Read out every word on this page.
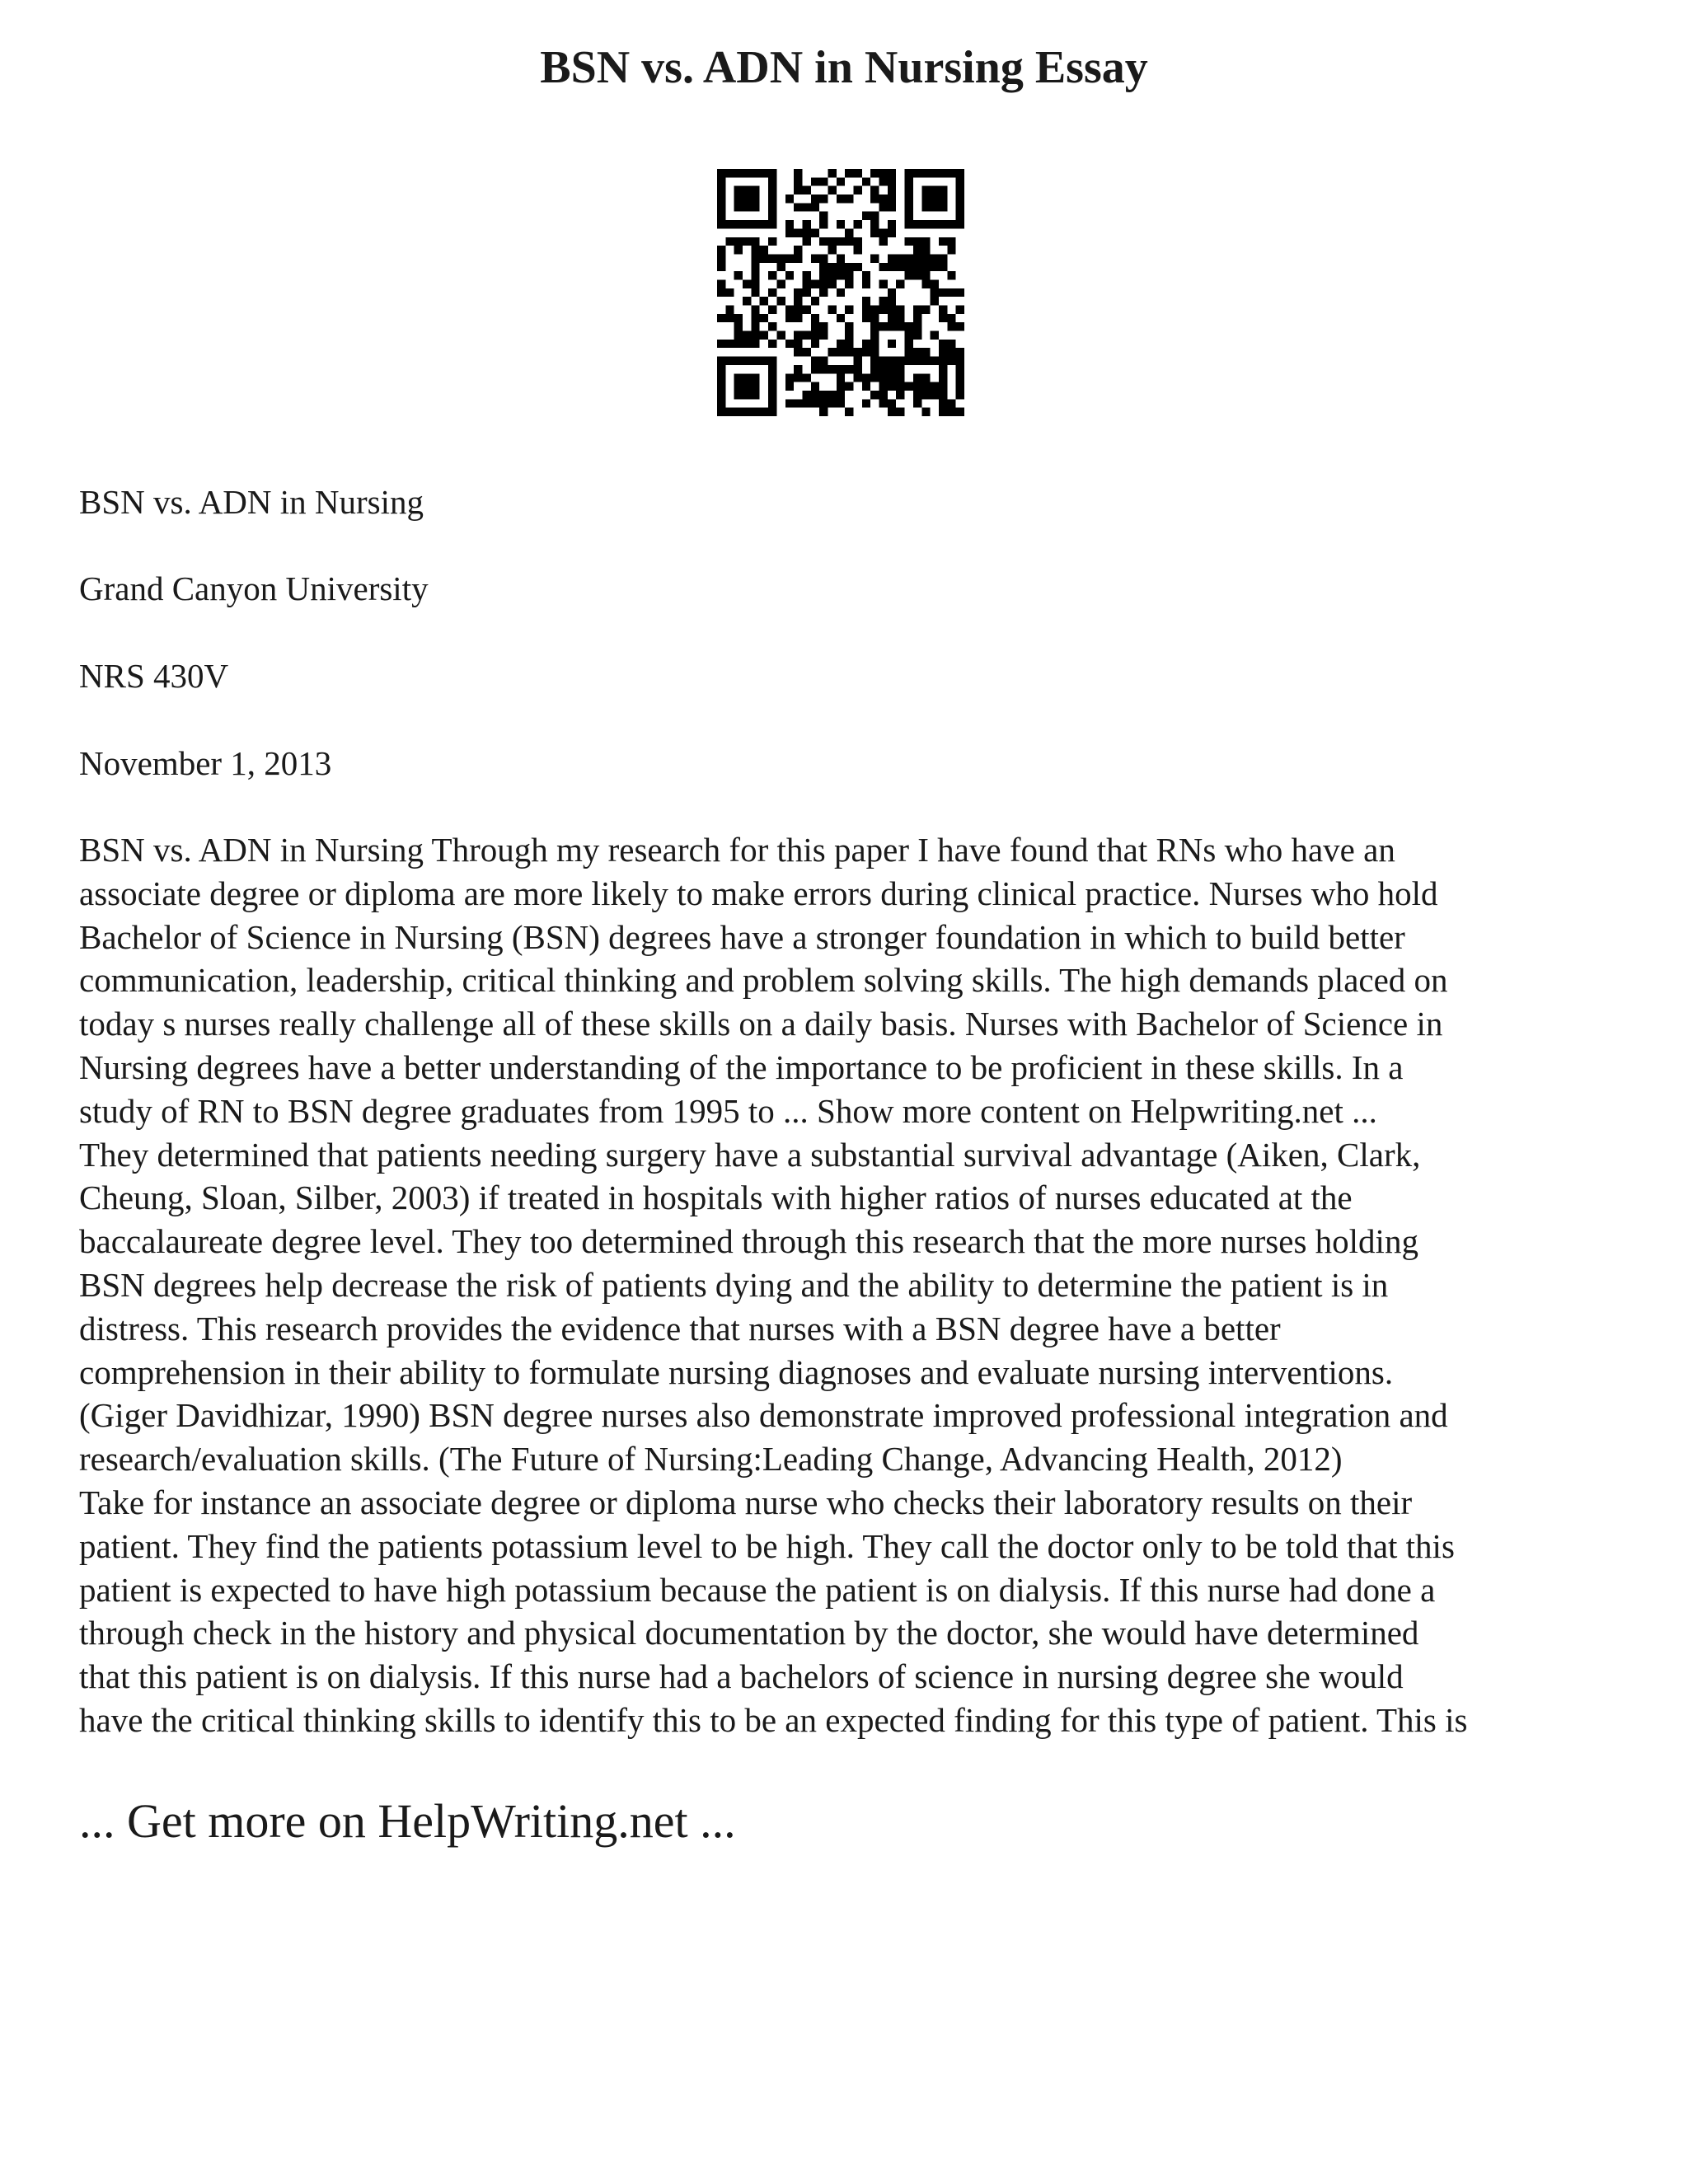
BSN vs. ADN in Nursing Essay

BSN vs. ADN in Nursing

Grand Canyon University

NRS 430V

November 1, 2013

BSN vs. ADN in Nursing Through my research for this paper I have found that RNs who have an
associate degree or diploma are more likely to make errors during clinical practice. Nurses who hold
Bachelor of Science in Nursing (BSN) degrees have a stronger foundation in which to build better
communication, leadership, critical thinking and problem solving skills. The high demands placed on
today s nurses really challenge all of these skills on a daily basis. Nurses with Bachelor of Science in
Nursing degrees have a better understanding of the importance to be proficient in these skills. In a
study of RN to BSN degree graduates from 1995 to ... Show more content on Helpwriting.net ...
They determined that patients needing surgery have a substantial survival advantage (Aiken, Clark,
Cheung, Sloan, Silber, 2003) if treated in hospitals with higher ratios of nurses educated at the
baccalaureate degree level. They too determined through this research that the more nurses holding
BSN degrees help decrease the risk of patients dying and the ability to determine the patient is in
distress. This research provides the evidence that nurses with a BSN degree have a better
comprehension in their ability to formulate nursing diagnoses and evaluate nursing interventions.
(Giger Davidhizar, 1990) BSN degree nurses also demonstrate improved professional integration and
research/evaluation skills. (The Future of Nursing:Leading Change, Advancing Health, 2012)
Take for instance an associate degree or diploma nurse who checks their laboratory results on their
patient. They find the patients potassium level to be high. They call the doctor only to be told that this
patient is expected to have high potassium because the patient is on dialysis. If this nurse had done a
through check in the history and physical documentation by the doctor, she would have determined
that this patient is on dialysis. If this nurse had a bachelors of science in nursing degree she would
have the critical thinking skills to identify this to be an expected finding for this type of patient. This is
... Get more on HelpWriting.net ...
